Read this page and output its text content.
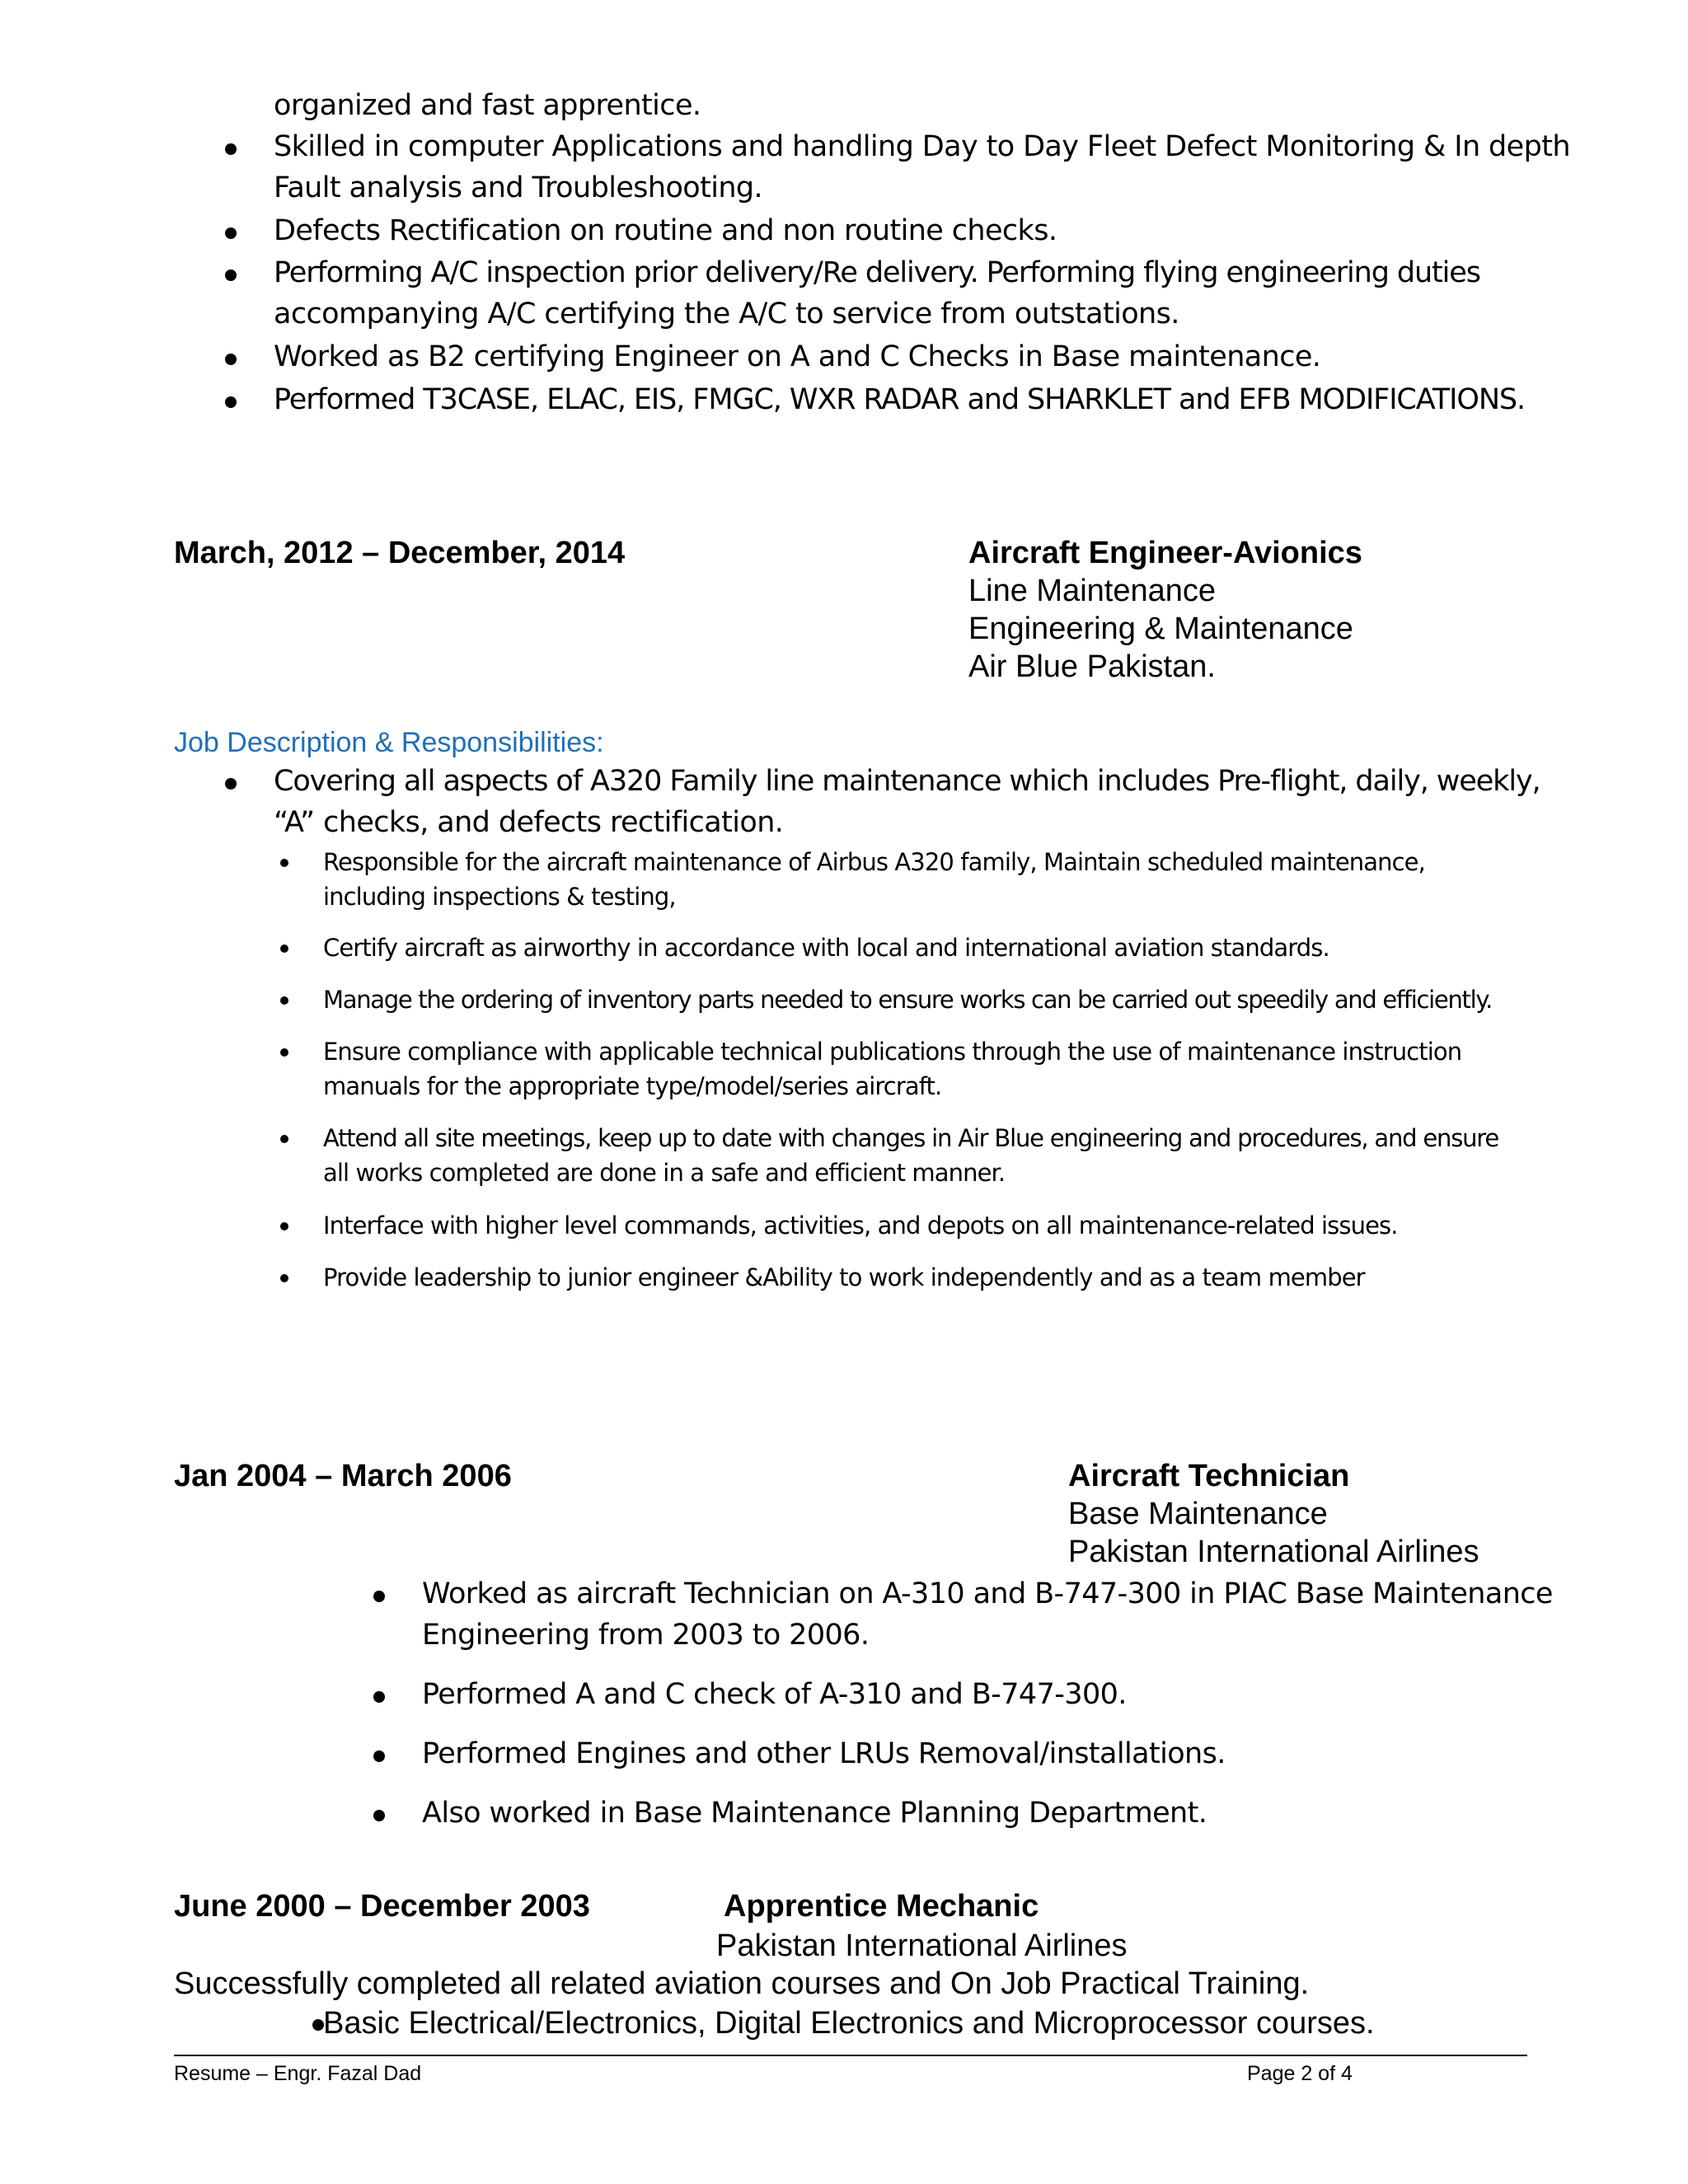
organized and fast apprentice.

Skilled in computer Applications and handling Day to Day Fleet Defect Monitoring & In depth

Fault analysis and Troubleshooting.

Defects Rectification on routine and non routine checks.

Performing A/C inspection prior delivery/Re delivery. Performing flying engineering duties

accompanying A/C certifying the A/C to service from outstations.

Worked as B2 certifying Engineer on A and C Checks in Base maintenance.

Performed T3CASE, ELAC, EIS, FMGC, WXR RADAR and SHARKLET and EFB MODIFICATIONS.

March, 2012 – December, 2014	Aircraft Engineer-Avionics

Line Maintenance

Engineering & Maintenance

Air Blue Pakistan.

Job Description & Responsibilities:

Covering all aspects of A320 Family line maintenance which includes Pre-flight, daily, weekly,

“A” checks, and defects rectification.

Responsible for the aircraft maintenance of Airbus A320 family, Maintain scheduled maintenance,

including inspections & testing,

Certify aircraft as airworthy in accordance with local and international aviation standards.

Manage the ordering of inventory parts needed to ensure works can be carried out speedily and efficiently.

Ensure compliance with applicable technical publications through the use of maintenance instruction

manuals for the appropriate type/model/series aircraft.

Attend all site meetings, keep up to date with changes in Air Blue engineering and procedures, and ensure

all works completed are done in a safe and efficient manner.

Interface with higher level commands, activities, and depots on all maintenance-related issues.

Provide leadership to junior engineer &Ability to work independently and as a team member

Jan 2004 – March 2006	Aircraft Technician

Base Maintenance

Pakistan International Airlines

Worked as aircraft Technician on A-310 and B-747-300 in PIAC Base Maintenance

Engineering from 2003 to 2006.

Performed A and C check of A-310 and B-747-300.

Performed Engines and other LRUs Removal/installations.

Also worked in Base Maintenance Planning Department.

June 2000 – December 2003	Apprentice Mechanic

Pakistan International Airlines

Successfully completed all related aviation courses and On Job Practical Training.

Basic Electrical/Electronics, Digital Electronics and Microprocessor courses.

Resume – Engr. Fazal Dad	Page 2 of 4
